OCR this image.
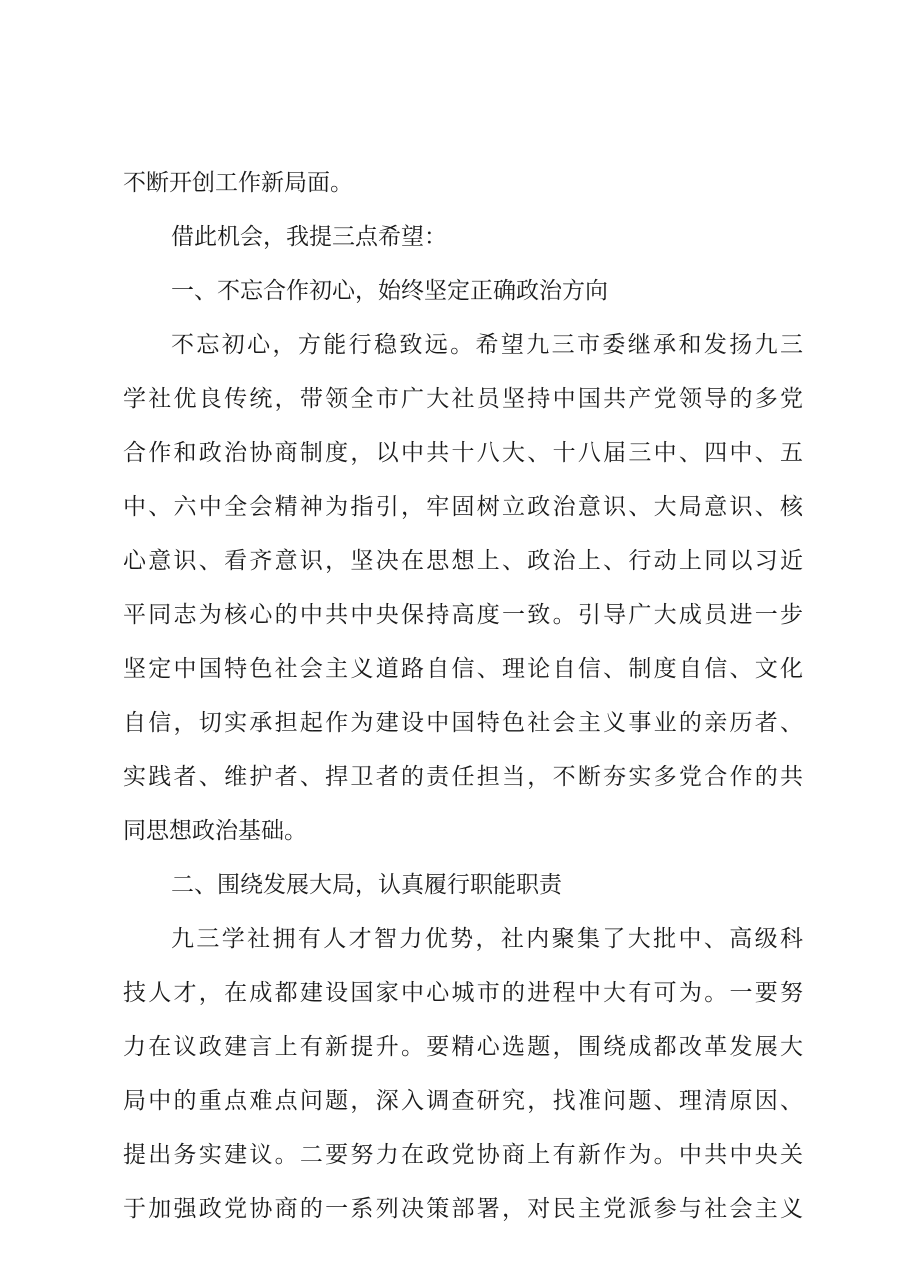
不断开创工作新局面。
借此机会，我提三点希望：
一、不忘合作初心，始终坚定正确政治方向
不忘初心，方能行稳致远。希望九三市委继承和发扬九三
学社优良传统，带领全市广大社员坚持中国共产党领导的多党
合作和政治协商制度，以中共十八大、十八届三中、四中、五
中、六中全会精神为指引，牢固树立政治意识、大局意识、核
心意识、看齐意识，坚决在思想上、政治上、行动上同以习近
平同志为核心的中共中央保持高度一致。引导广大成员进一步
坚定中国特色社会主义道路自信、理论自信、制度自信、文化
自信，切实承担起作为建设中国特色社会主义事业的亲历者、
实践者、维护者、捍卫者的责任担当，不断夯实多党合作的共
同思想政治基础。
二、围绕发展大局，认真履行职能职责
九三学社拥有人才智力优势，社内聚集了大批中、高级科
技人才，在成都建设国家中心城市的进程中大有可为。一要努
力在议政建言上有新提升。要精心选题，围绕成都改革发展大
局中的重点难点问题，深入调查研究，找准问题、理清原因、
提出务实建议。二要努力在政党协商上有新作为。中共中央关
于加强政党协商的一系列决策部署，对民主党派参与社会主义
